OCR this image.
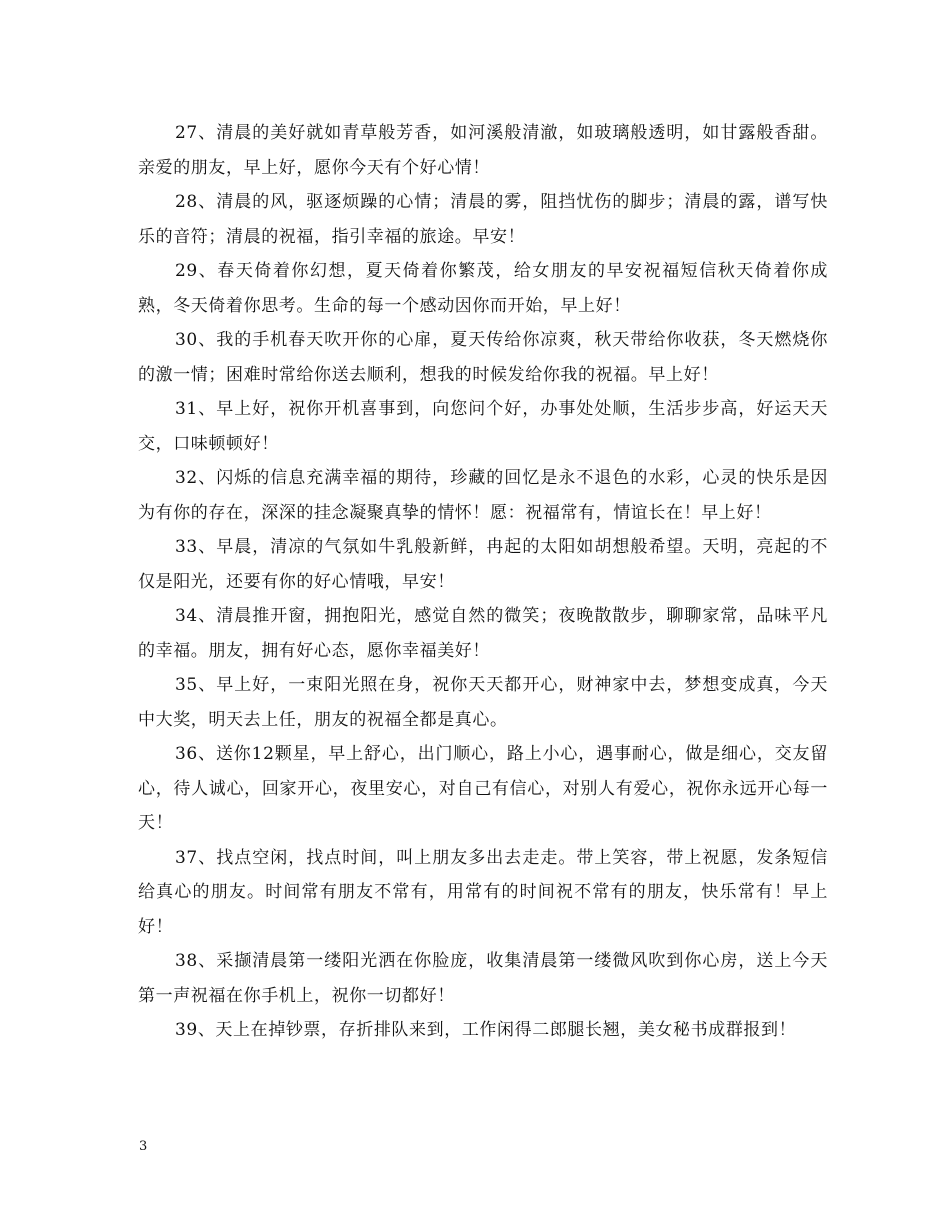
27、清晨的美好就如青草般芳香，如河溪般清澈，如玻璃般透明，如甘露般香甜。亲爱的朋友，早上好，愿你今天有个好心情！

28、清晨的风，驱逐烦躁的心情；清晨的雾，阻挡忧伤的脚步；清晨的露，谱写快乐的音符；清晨的祝福，指引幸福的旅途。早安！

29、春天倚着你幻想，夏天倚着你繁茂，给女朋友的早安祝福短信秋天倚着你成熟，冬天倚着你思考。生命的每一个感动因你而开始，早上好！

30、我的手机春天吹开你的心扉，夏天传给你凉爽，秋天带给你收获，冬天燃烧你的激一情；困难时常给你送去顺利，想我的时候发给你我的祝福。早上好！

31、早上好，祝你开机喜事到，向您问个好，办事处处顺，生活步步高，好运天天交，口味顿顿好！

32、闪烁的信息充满幸福的期待，珍藏的回忆是永不退色的水彩，心灵的快乐是因为有你的存在，深深的挂念凝聚真挚的情怀！愿：祝福常有，情谊长在！早上好！

33、早晨，清凉的气氛如牛乳般新鲜，冉起的太阳如胡想般希望。天明，亮起的不仅是阳光，还要有你的好心情哦，早安！

34、清晨推开窗，拥抱阳光，感觉自然的微笑；夜晚散散步，聊聊家常，品味平凡的幸福。朋友，拥有好心态，愿你幸福美好！

35、早上好，一束阳光照在身，祝你天天都开心，财神家中去，梦想变成真，今天中大奖，明天去上任，朋友的祝福全都是真心。

36、送你12颗星，早上舒心，出门顺心，路上小心，遇事耐心，做是细心，交友留心，待人诚心，回家开心，夜里安心，对自己有信心，对别人有爱心，祝你永远开心每一天！

37、找点空闲，找点时间，叫上朋友多出去走走。带上笑容，带上祝愿，发条短信给真心的朋友。时间常有朋友不常有，用常有的时间祝不常有的朋友，快乐常有！早上好！

38、采撷清晨第一缕阳光洒在你脸庞，收集清晨第一缕微风吹到你心房，送上今天第一声祝福在你手机上，祝你一切都好！

39、天上在掉钞票，存折排队来到，工作闲得二郎腿长翘，美女秘书成群报到！

3
